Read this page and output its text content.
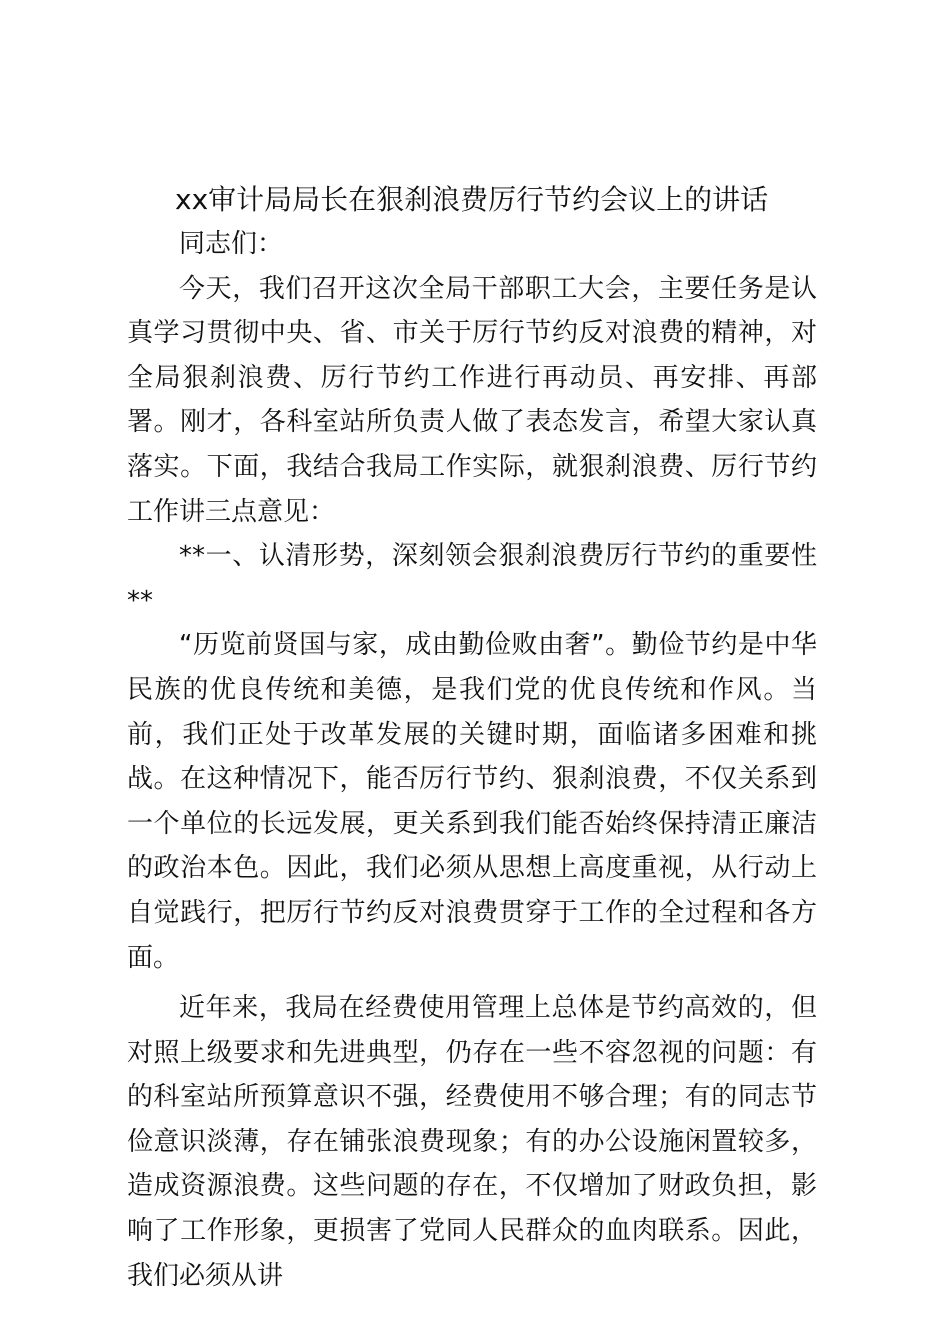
xx审计局局长在狠刹浪费厉行节约会议上的讲话

同志们：

今天，我们召开这次全局干部职工大会，主要任务是认真学习贯彻中央、省、市关于厉行节约反对浪费的精神，对全局狠刹浪费、厉行节约工作进行再动员、再安排、再部署。刚才，各科室站所负责人做了表态发言，希望大家认真落实。下面，我结合我局工作实际，就狠刹浪费、厉行节约工作讲三点意见：

**一、认清形势，深刻领会狠刹浪费厉行节约的重要性**

“历览前贤国与家，成由勤俭败由奢”。勤俭节约是中华民族的优良传统和美德，是我们党的优良传统和作风。当前，我们正处于改革发展的关键时期，面临诸多困难和挑战。在这种情况下，能否厉行节约、狠刹浪费，不仅关系到一个单位的长远发展，更关系到我们能否始终保持清正廉洁的政治本色。因此，我们必须从思想上高度重视，从行动上自觉践行，把厉行节约反对浪费贯穿于工作的全过程和各方面。

近年来，我局在经费使用管理上总体是节约高效的，但对照上级要求和先进典型，仍存在一些不容忽视的问题：有的科室站所预算意识不强，经费使用不够合理；有的同志节俭意识淡薄，存在铺张浪费现象；有的办公设施闲置较多，造成资源浪费。这些问题的存在，不仅增加了财政负担，影响了工作形象，更损害了党同人民群众的血肉联系。因此，我们必须从讲
